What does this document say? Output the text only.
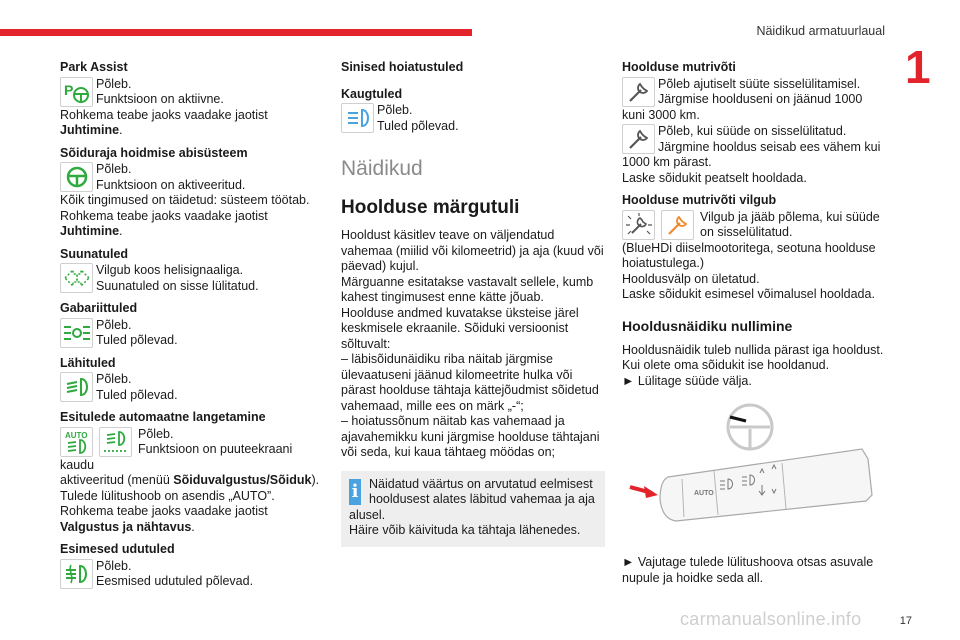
Näidikud armatuurlaual
1
Park Assist
P Põleb.
Funktsioon on aktiivne.
Rohkema teabe jaoks vaadake jaotist
Juhtimine.
Sõiduraja hoidmise abisüsteem
Põleb.
Funktsioon on aktiveeritud.
Kõik tingimused on täidetud: süsteem töötab.
Rohkema teabe jaoks vaadake jaotist
Juhtimine.
Suunatuled
Vilgub koos helisignaaliga.
Suunatuled on sisse lülitatud.
Gabariittuled
Põleb.
Tuled põlevad.
Lähituled
Põleb.
Tuled põlevad.
Esitulede automaatne langetamine
AUTO	Põleb.
Funktsioon on puuteekraani kaudu
aktiveeritud (menüü Sõiduvalgustus/Sõiduk).
Tulede lülitushoob on asendis „AUTO”.
Rohkema teabe jaoks vaadake jaotist Valgustus ja nähtavus.
Esimesed udutuled
Põleb.
Eesmised udutuled põlevad.
Sinised hoiatustuled
Kaugtuled
Põleb.
Tuled põlevad.
Näidikud
Hoolduse märgutuli
Hooldust käsitlev teave on väljendatud vahemaa (miilid või kilomeetrid) ja aja (kuud või päevad) kujul.
Märguanne esitatakse vastavalt sellele, kumb kahest tingimusest enne kätte jõuab.
Hoolduse andmed kuvatakse üksteise järel keskmisele ekraanile. Sõiduki versioonist sõltuvalt:
– läbisõidunäidiku riba näitab järgmise ülevaatuseni jäänud kilomeetrite hulka või pärast hoolduse tähtaja kättejõudmist sõidetud vahemaad, mille ees on märk „-“;
– hoiatussõnum näitab kas vahemaad ja ajavahemikku kuni järgmise hoolduse tähtajani või seda, kui kaua tähtaeg möödas on;
i Näidatud väärtus on arvutatud eelmisest hooldusest alates läbitud vahemaa ja aja alusel.
Häire võib käivituda ka tähtaja lähenedes.
Hoolduse mutrivõti
Põleb ajutiselt süüte sisselülitamisel. Järgmise hoolduseni on jäänud 1000 kuni 3000 km.
Põleb, kui süüde on sisselülitatud. Järgmine hooldus seisab ees vähem kui 1000 km pärast.
Laske sõidukit peatselt hooldada.
Hoolduse mutrivõti vilgub
Vilgub ja jääb põlema, kui süüde on sisselülitatud.
(BlueHDi diiselmootoritega, seotuna hoolduse hoiatustulega.)
Hooldusvälp on ületatud.
Laske sõidukit esimesel võimalusel hooldada.
Hooldusnäidiku nullimine
Hooldusnäidik tuleb nullida pärast iga hooldust.
Kui olete oma sõidukit ise hooldanud.
► Lülitage süüde välja.
AUTO
► Vajutage tulede lülitushoova otsas asuvale nupule ja hoidke seda all.
carmanualsonline.info	17
